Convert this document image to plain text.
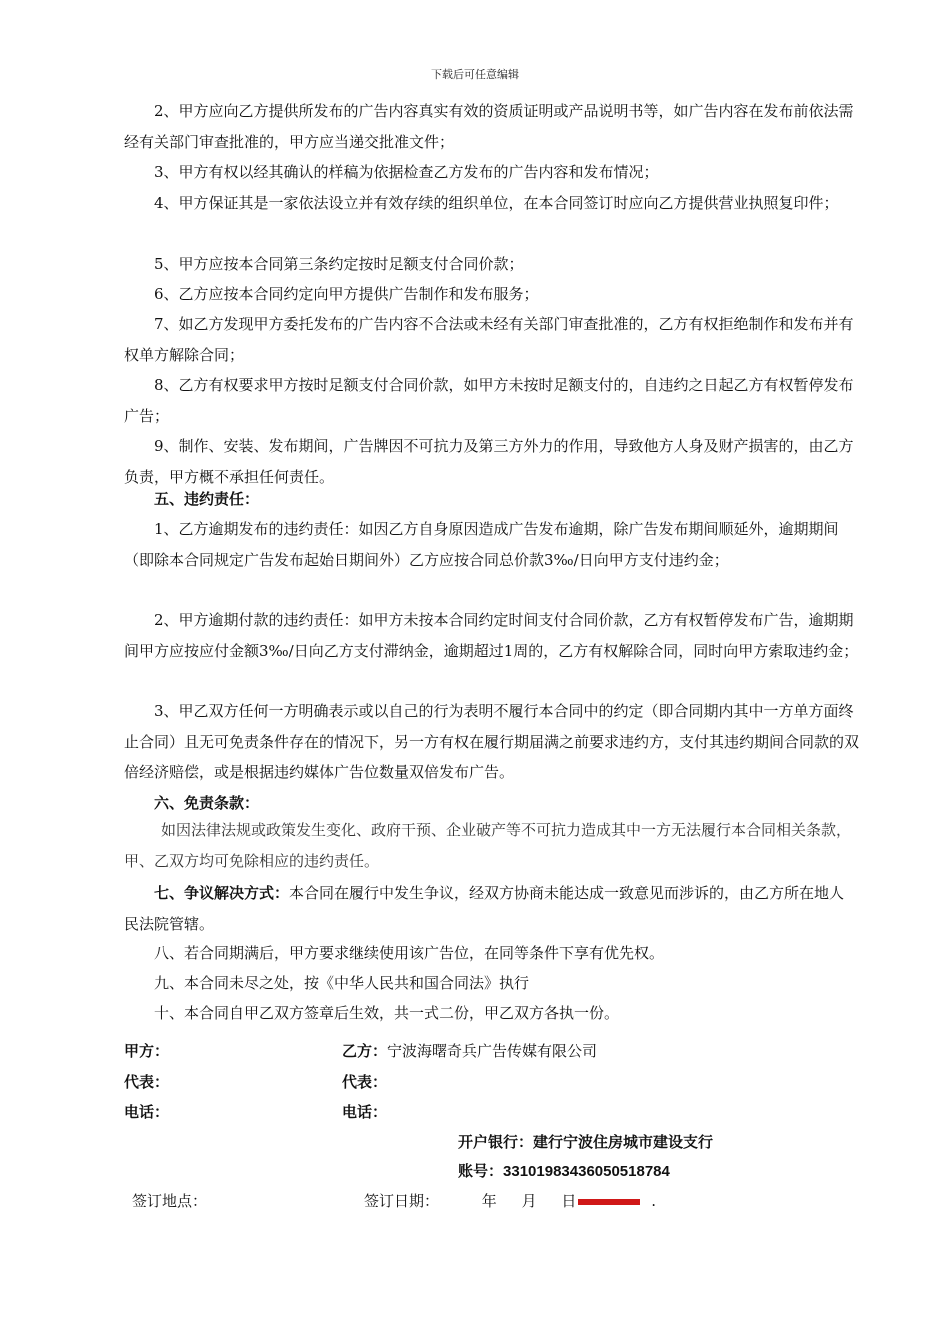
下载后可任意编辑

2、甲方应向乙方提供所发布的广告内容真实有效的资质证明或产品说明书等，如广告内容在发布前依法需经有关部门审查批准的，甲方应当递交批准文件；

3、甲方有权以经其确认的样稿为依据检查乙方发布的广告内容和发布情况；

4、甲方保证其是一家依法设立并有效存续的组织单位，在本合同签订时应向乙方提供营业执照复印件；

5、甲方应按本合同第三条约定按时足额支付合同价款；

6、乙方应按本合同约定向甲方提供广告制作和发布服务；

7、如乙方发现甲方委托发布的广告内容不合法或未经有关部门审查批准的，乙方有权拒绝制作和发布并有权单方解除合同；

8、乙方有权要求甲方按时足额支付合同价款，如甲方未按时足额支付的，自违约之日起乙方有权暂停发布广告；

9、制作、安装、发布期间，广告牌因不可抗力及第三方外力的作用，导致他方人身及财产损害的，由乙方负责，甲方概不承担任何责任。

五、违约责任：

1、乙方逾期发布的违约责任：如因乙方自身原因造成广告发布逾期，除广告发布期间顺延外，逾期期间（即除本合同规定广告发布起始日期间外）乙方应按合同总价款3‰/日向甲方支付违约金；

2、甲方逾期付款的违约责任：如甲方未按本合同约定时间支付合同价款，乙方有权暂停发布广告，逾期期间甲方应按应付金额3‰/日向乙方支付滞纳金，逾期超过1周的，乙方有权解除合同，同时向甲方索取违约金；

3、甲乙双方任何一方明确表示或以自己的行为表明不履行本合同中的约定（即合同期内其中一方单方面终止合同）且无可免责条件存在的情况下，另一方有权在履行期届满之前要求违约方，支付其违约期间合同款的双倍经济赔偿，或是根据违约媒体广告位数量双倍发布广告。

六、免责条款：

如因法律法规或政策发生变化、政府干预、企业破产等不可抗力造成其中一方无法履行本合同相关条款，甲、乙双方均可免除相应的违约责任。

七、争议解决方式：本合同在履行中发生争议，经双方协商未能达成一致意见而涉诉的，由乙方所在地人民法院管辖。

八、若合同期满后，甲方要求继续使用该广告位，在同等条件下享有优先权。

九、本合同未尽之处，按《中华人民共和国合同法》执行

十、本合同自甲乙双方签章后生效，共一式二份，甲乙双方各执一份。

甲方：	乙方：宁波海曙奇兵广告传媒有限公司
代表：	代表：
电话：	电话：
开户银行：建行宁波住房城市建设支行
账号：33101983436050518784
签订地点：	签订日期：	年 月 日	.
